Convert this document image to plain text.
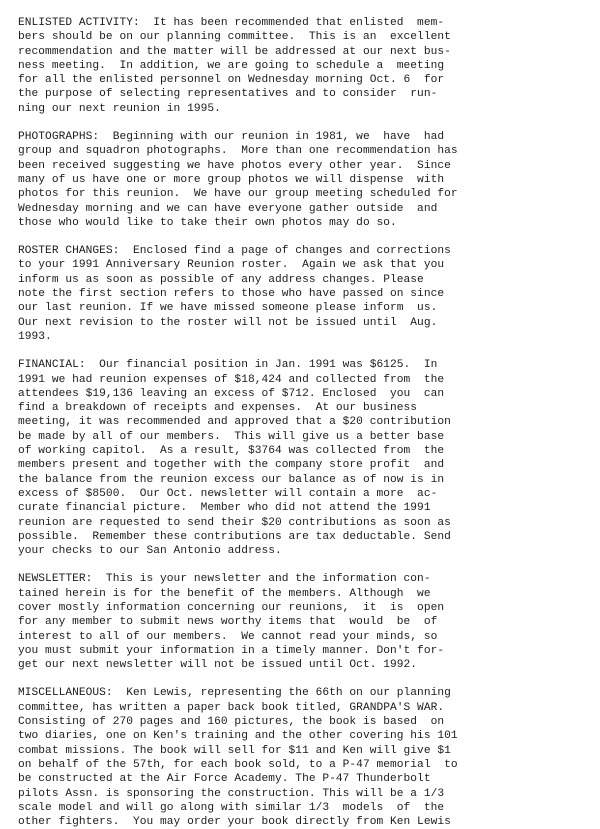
ENLISTED ACTIVITY:  It has been recommended that enlisted  mem-
bers should be on our planning committee.  This is an  excellent
recommendation and the matter will be addressed at our next bus-
ness meeting.  In addition, we are going to schedule a  meeting
for all the enlisted personnel on Wednesday morning Oct. 6  for
the purpose of selecting representatives and to consider  run-
ning our next reunion in 1995.

PHOTOGRAPHS:  Beginning with our reunion in 1981, we  have  had
group and squadron photographs.  More than one recommendation has
been received suggesting we have photos every other year.  Since
many of us have one or more group photos we will dispense  with
photos for this reunion.  We have our group meeting scheduled for
Wednesday morning and we can have everyone gather outside  and
those who would like to take their own photos may do so.

ROSTER CHANGES:  Enclosed find a page of changes and corrections
to your 1991 Anniversary Reunion roster.  Again we ask that you
inform us as soon as possible of any address changes. Please
note the first section refers to those who have passed on since
our last reunion. If we have missed someone please inform  us.
Our next revision to the roster will not be issued until  Aug.
1993.

FINANCIAL:  Our financial position in Jan. 1991 was $6125.  In
1991 we had reunion expenses of $18,424 and collected from  the
attendees $19,136 leaving an excess of $712. Enclosed  you  can
find a breakdown of receipts and expenses.  At our business
meeting, it was recommended and approved that a $20 contribution
be made by all of our members.  This will give us a better base
of working capitol.  As a result, $3764 was collected from  the
members present and together with the company store profit  and
the balance from the reunion excess our balance as of now is in
excess of $8500.  Our Oct. newsletter will contain a more  ac-
curate financial picture.  Member who did not attend the 1991
reunion are requested to send their $20 contributions as soon as
possible.  Remember these contributions are tax deductable. Send
your checks to our San Antonio address.

NEWSLETTER:  This is your newsletter and the information con-
tained herein is for the benefit of the members. Although  we
cover mostly information concerning our reunions,  it  is  open
for any member to submit news worthy items that  would  be  of
interest to all of our members.  We cannot read your minds, so
you must submit your information in a timely manner. Don't for-
get our next newsletter will not be issued until Oct. 1992.

MISCELLANEOUS:  Ken Lewis, representing the 66th on our planning
committee, has written a paper back book titled, GRANDPA'S WAR.
Consisting of 270 pages and 160 pictures, the book is based  on
two diaries, one on Ken's training and the other covering his 101
combat missions. The book will sell for $11 and Ken will give $1
on behalf of the 57th, for each book sold, to a P-47 memorial  to
be constructed at the Air Force Academy. The P-47 Thunderbolt
pilots Assn. is sponsoring the construction. This will be a 1/3
scale model and will go along with similar 1/3  models  of  the
other fighters.  You may order your book directly from Ken Lewis
